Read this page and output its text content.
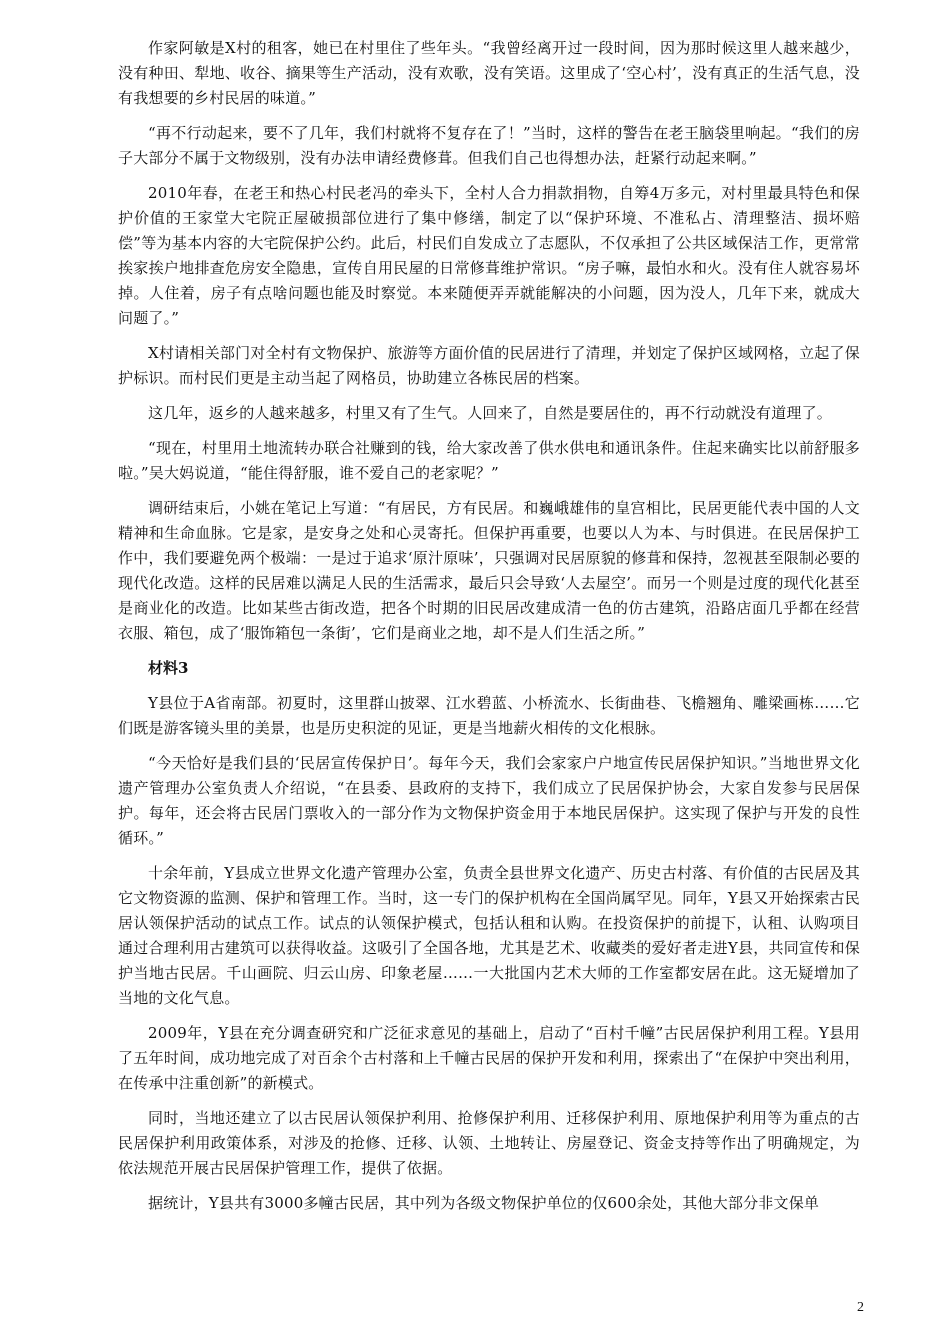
作家阿敏是X村的租客，她已在村里住了些年头。“我曾经离开过一段时间，因为那时候这里人越来越少，没有种田、犁地、收谷、摘果等生产活动，没有欢歌，没有笑语。这里成了‘空心村’，没有真正的生活气息，没有我想要的乡村民居的味道。”

“再不行动起来，要不了几年，我们村就将不复存在了！”当时，这样的警告在老王脑袋里响起。“我们的房子大部分不属于文物级别，没有办法申请经费修葺。但我们自己也得想办法，赶紧行动起来啊。”

2010年春，在老王和热心村民老冯的牵头下，全村人合力捐款捐物，自筹4万多元，对村里最具特色和保护价值的王家堂大宅院正屋破损部位进行了集中修缮，制定了以“保护环境、不准私占、清理整洁、损坏赔偿”等为基本内容的大宅院保护公约。此后，村民们自发成立了志愿队，不仅承担了公共区域保洁工作，更常常挨家挨户地排查危房安全隐患，宣传自用民屋的日常修葺维护常识。“房子嘛，最怕水和火。没有住人就容易坏掉。人住着，房子有点啥问题也能及时察觉。本来随便弄弄就能解决的小问题，因为没人，几年下来，就成大问题了。”

X村请相关部门对全村有文物保护、旅游等方面价值的民居进行了清理，并划定了保护区域网格，立起了保护标识。而村民们更是主动当起了网格员，协助建立各栋民居的档案。

这几年，返乡的人越来越多，村里又有了生气。人回来了，自然是要居住的，再不行动就没有道理了。

“现在，村里用土地流转办联合社赚到的钱，给大家改善了供水供电和通讯条件。住起来确实比以前舒服多啦。”吴大妈说道，“能住得舒服，谁不爱自己的老家呢？”

调研结束后，小姚在笔记上写道：“有居民，方有民居。和巍峨雄伟的皇宫相比，民居更能代表中国的人文精神和生命血脉。它是家，是安身之处和心灵寄托。但保护再重要，也要以人为本、与时俱进。在民居保护工作中，我们要避免两个极端：一是过于追求‘原汁原味’，只强调对民居原貌的修葺和保持，忽视甚至限制必要的现代化改造。这样的民居难以满足人民的生活需求，最后只会导致‘人去屋空’。而另一个则是过度的现代化甚至是商业化的改造。比如某些古街改造，把各个时期的旧民居改建成清一色的仿古建筑，沿路店面几乎都在经营衣服、箱包，成了‘服饰箱包一条街’，它们是商业之地，却不是人们生活之所。”

材料3

Y县位于A省南部。初夏时，这里群山披翠、江水碧蓝、小桥流水、长街曲巷、飞檐翘角、雕梁画栋……它们既是游客镜头里的美景，也是历史积淀的见证，更是当地薪火相传的文化根脉。

“今天恰好是我们县的‘民居宣传保护日’。每年今天，我们会家家户户地宣传民居保护知识。”当地世界文化遗产管理办公室负责人介绍说，“在县委、县政府的支持下，我们成立了民居保护协会，大家自发参与民居保护。每年，还会将古民居门票收入的一部分作为文物保护资金用于本地民居保护。这实现了保护与开发的良性循环。”

十余年前，Y县成立世界文化遗产管理办公室，负责全县世界文化遗产、历史古村落、有价值的古民居及其它文物资源的监测、保护和管理工作。当时，这一专门的保护机构在全国尚属罕见。同年，Y县又开始探索古民居认领保护活动的试点工作。试点的认领保护模式，包括认租和认购。在投资保护的前提下，认租、认购项目通过合理利用古建筑可以获得收益。这吸引了全国各地，尤其是艺术、收藏类的爱好者走进Y县，共同宣传和保护当地古民居。千山画院、归云山房、印象老屋……一大批国内艺术大师的工作室都安居在此。这无疑增加了当地的文化气息。

2009年，Y县在充分调查研究和广泛征求意见的基础上，启动了“百村千幢”古民居保护利用工程。Y县用了五年时间，成功地完成了对百余个古村落和上千幢古民居的保护开发和利用，探索出了“在保护中突出利用，在传承中注重创新”的新模式。

同时，当地还建立了以古民居认领保护利用、抢修保护利用、迁移保护利用、原地保护利用等为重点的古民居保护利用政策体系，对涉及的抢修、迁移、认领、土地转让、房屋登记、资金支持等作出了明确规定，为依法规范开展古民居保护管理工作，提供了依据。

据统计，Y县共有3000多幢古民居，其中列为各级文物保护单位的仅600余处，其他大部分非文保单

2
